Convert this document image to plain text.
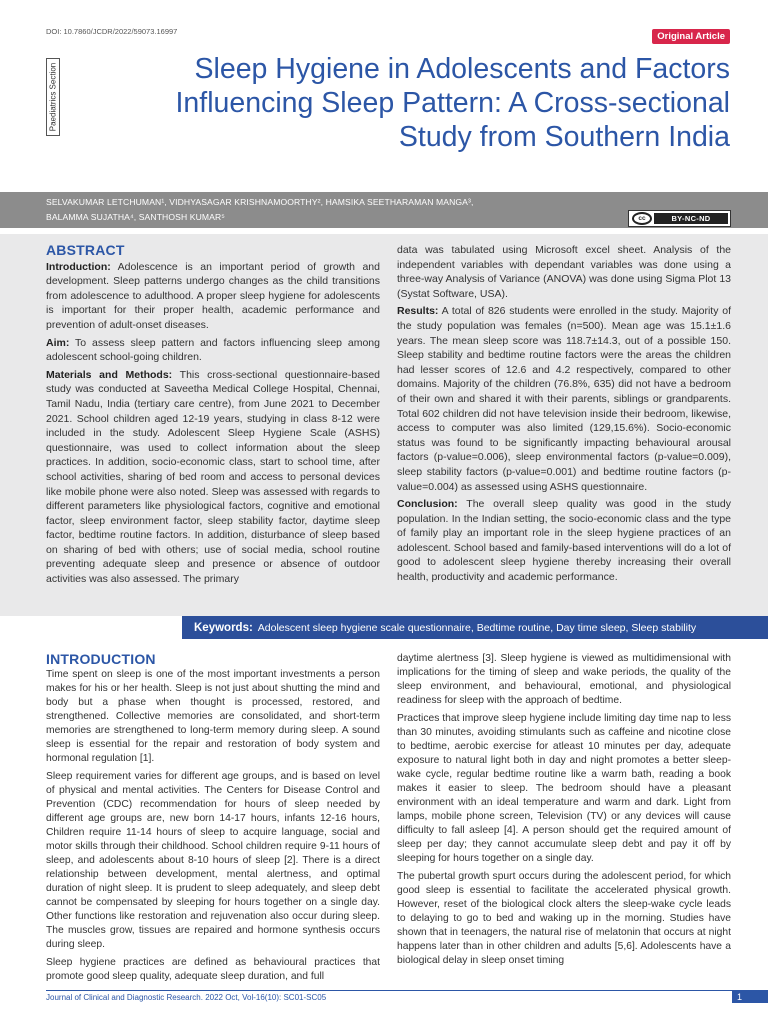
DOI: 10.7860/JCDR/2022/59073.16997	Original Article
Paediatrics Section	Sleep Hygiene in Adolescents and Factors Influencing Sleep Pattern: A Cross-sectional Study from Southern India
SELVAKUMAR LETCHUMAN¹, VIDHYASAGAR KRISHNAMOORTHY², HAMSIKA SEETHARAMAN MANGA³,
BALAMMA SUJATHA⁴, SANTHOSH KUMAR⁵	cc	BY-NC-ND
ABSTRACT

Introduction: Adolescence is an important period of growth and development. Sleep patterns undergo changes as the child transitions from adolescence to adulthood. A proper sleep hygiene for adolescents is important for their proper health, academic performance and prevention of adult-onset diseases.

Aim: To assess sleep pattern and factors influencing sleep among adolescent school-going children.

Materials and Methods: This cross-sectional questionnaire-based study was conducted at Saveetha Medical College Hospital, Chennai, Tamil Nadu, India (tertiary care centre), from June 2021 to December 2021. School children aged 12-19 years, studying in class 8-12 were included in the study. Adolescent Sleep Hygiene Scale (ASHS) questionnaire, was used to collect information about the sleep practices. In addition, socio-economic class, start to school time, after school activities, sharing of bed room and access to personal devices like mobile phone were also noted. Sleep was assessed with regards to different parameters like physiological factors, cognitive and emotional factor, sleep environment factor, sleep stability factor, daytime sleep factor, bedtime routine factors. In addition, disturbance of sleep based on sharing of bed with others; use of social media, school routine preventing adequate sleep and presence or absence of outdoor activities was also assessed. The primary

data was tabulated using Microsoft excel sheet. Analysis of the independent variables with dependant variables was done using a three-way Analysis of Variance (ANOVA) was done using Sigma Plot 13 (Systat Software, USA).

Results: A total of 826 students were enrolled in the study. Majority of the study population was females (n=500). Mean age was 15.1±1.6 years. The mean sleep score was 118.7±14.3, out of a possible 150. Sleep stability and bedtime routine factors were the areas the children had lesser scores of 12.6 and 4.2 respectively, compared to other domains. Majority of the children (76.8%, 635) did not have a bedroom of their own and shared it with their parents, siblings or grandparents. Total 602 children did not have television inside their bedroom, likewise, access to computer was also limited (129,15.6%). Socio-economic status was found to be significantly impacting behavioural arousal factors (p-value=0.006), sleep environmental factors (p-value=0.009), sleep stability factors (p-value=0.001) and bedtime routine factors (p-value=0.004) as assessed using ASHS questionnaire.

Conclusion: The overall sleep quality was good in the study population. In the Indian setting, the socio-economic class and the type of family play an important role in the sleep hygiene practices of an adolescent. School based and family-based interventions will do a lot of good to adolescent sleep hygiene thereby increasing their overall health, productivity and academic performance.

Keywords: Adolescent sleep hygiene scale questionnaire, Bedtime routine, Day time sleep, Sleep stability
INTRODUCTION

Time spent on sleep is one of the most important investments a person makes for his or her health. Sleep is not just about shutting the mind and body but a phase when thought is processed, restored, and strengthened. Collective memories are consolidated, and short-term memories are strengthened to long-term memory during sleep. A sound sleep is essential for the repair and restoration of body system and hormonal regulation [1].

Sleep requirement varies for different age groups, and is based on level of physical and mental activities. The Centers for Disease Control and Prevention (CDC) recommendation for hours of sleep needed by different age groups are, new born 14-17 hours, infants 12-16 hours, Children require 11-14 hours of sleep to acquire language, social and motor skills through their childhood. School children require 9-11 hours of sleep, and adolescents about 8-10 hours of sleep [2]. There is a direct relationship between development, mental alertness, and optimal duration of night sleep. It is prudent to sleep adequately, and sleep debt cannot be compensated by sleeping for hours together on a single day. Other functions like restoration and rejuvenation also occur during sleep. The muscles grow, tissues are repaired and hormone synthesis occurs during sleep.

Sleep hygiene practices are defined as behavioural practices that promote good sleep quality, adequate sleep duration, and full

daytime alertness [3]. Sleep hygiene is viewed as multidimensional with implications for the timing of sleep and wake periods, the quality of the sleep environment, and behavioural, emotional, and physiological readiness for sleep with the approach of bedtime.

Practices that improve sleep hygiene include limiting day time nap to less than 30 minutes, avoiding stimulants such as caffeine and nicotine close to bedtime, aerobic exercise for atleast 10 minutes per day, adequate exposure to natural light both in day and night promotes a better sleep-wake cycle, regular bedtime routine like a warm bath, reading a book makes it easier to sleep. The bedroom should have a pleasant environment with an ideal temperature and warm and dark. Light from lamps, mobile phone screen, Television (TV) or any devices will cause difficulty to fall asleep [4]. A person should get the required amount of sleep per day; they cannot accumulate sleep debt and pay it off by sleeping for hours together on a single day.

The pubertal growth spurt occurs during the adolescent period, for which good sleep is essential to facilitate the accelerated physical growth. However, reset of the biological clock alters the sleep-wake cycle leads to delaying to go to bed and waking up in the morning. Studies have shown that in teenagers, the natural rise of melatonin that occurs at night happens later than in other children and adults [5,6]. Adolescents have a biological delay in sleep onset timing

Journal of Clinical and Diagnostic Research. 2022 Oct, Vol-16(10): SC01-SC05	1
